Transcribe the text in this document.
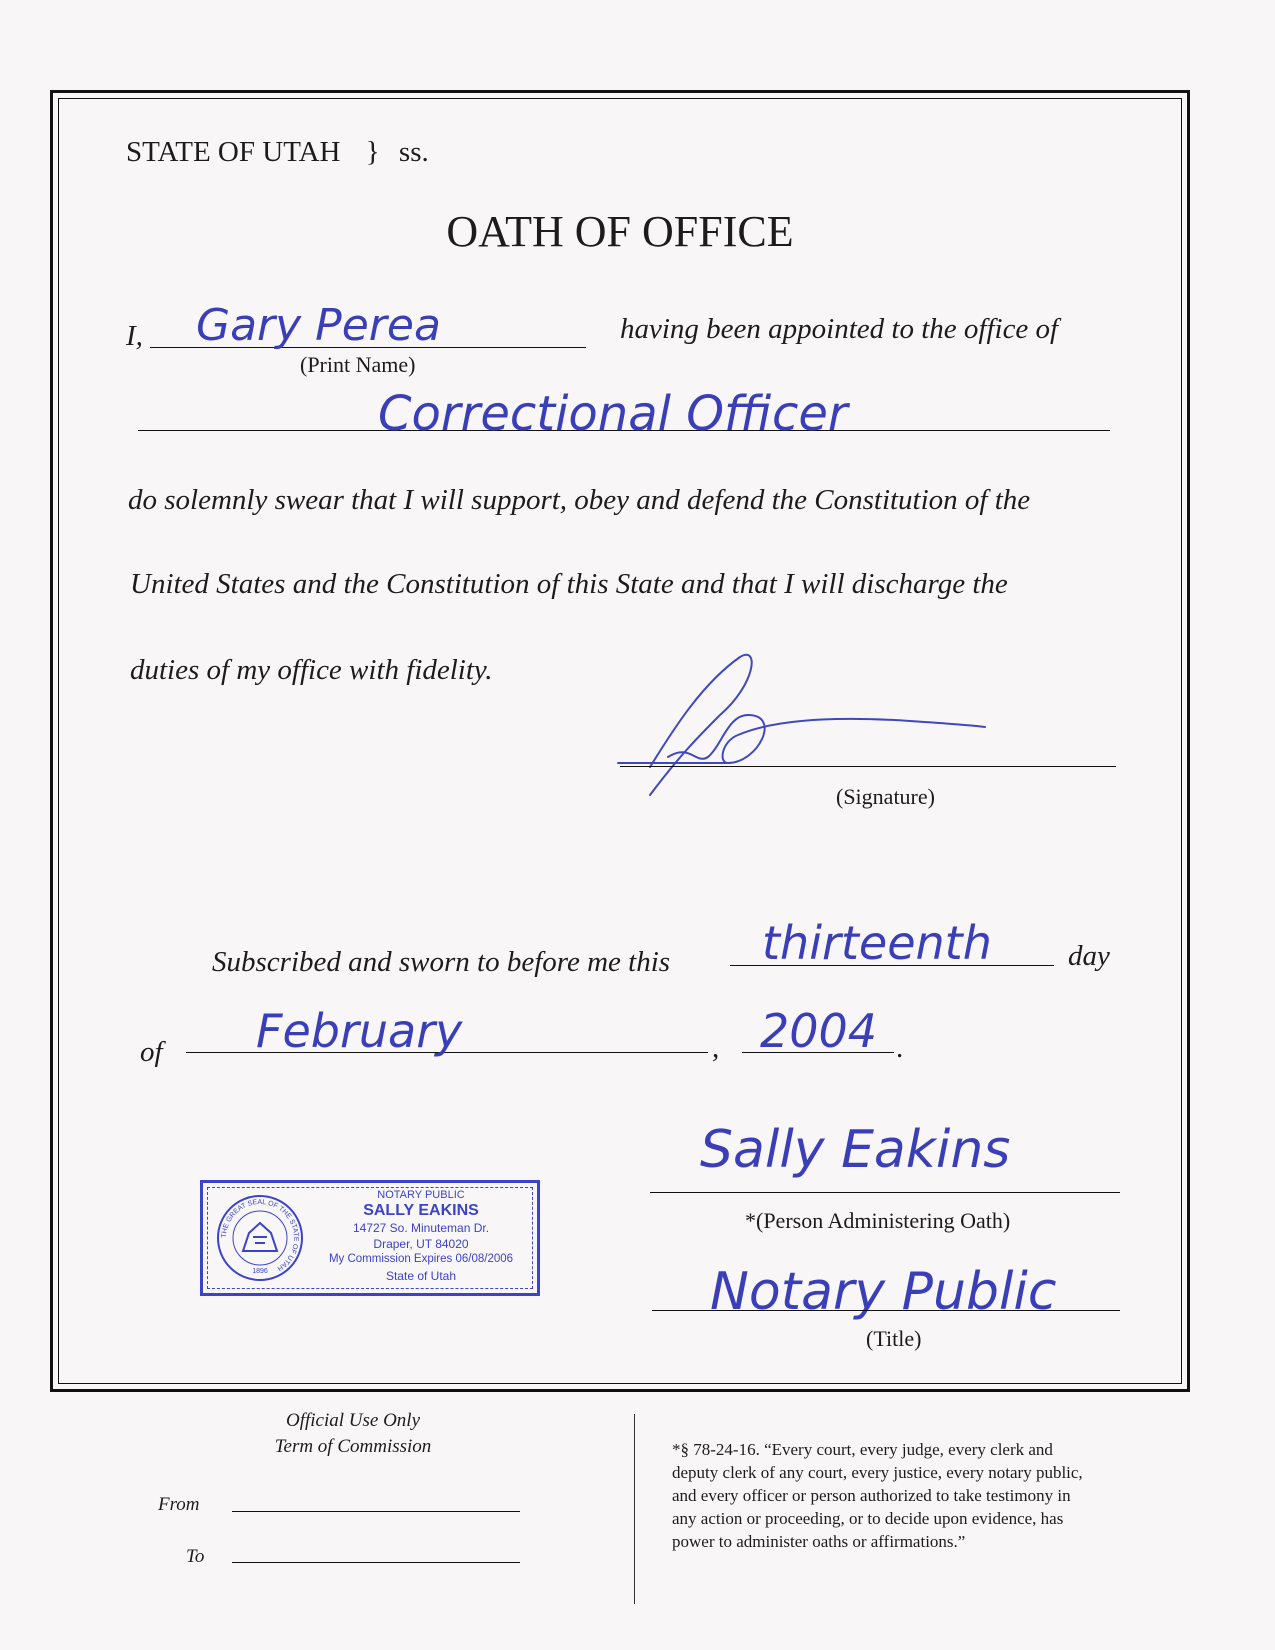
STATE OF UTAH } ss.
OATH OF OFFICE
I, Gary Perea
(Print Name)
having been appointed to the office of
Correctional Officer
do solemnly swear that I will support, obey and defend the Constitution of the
United States and the Constitution of this State and that I will discharge the
duties of my office with fidelity.
(Signature)
Subscribed and sworn to before me this thirteenth	day
of February	, 2004 .
THE GREAT SEAL OF THE STATE OF UTAH
1896
NOTARY PUBLIC
SALLY EAKINS
14727 So. Minuteman Dr.
Draper, UT 84020
My Commission Expires 06/08/2006
State of Utah
Sally Eakins
*(Person Administering Oath)
Notary Public
(Title)
Official Use Only
Term of Commission
From
To
*§ 78-24-16. “Every court, every judge, every clerk and
deputy clerk of any court, every justice, every notary public,
and every officer or person authorized to take testimony in
any action or proceeding, or to decide upon evidence, has
power to administer oaths or affirmations.”
